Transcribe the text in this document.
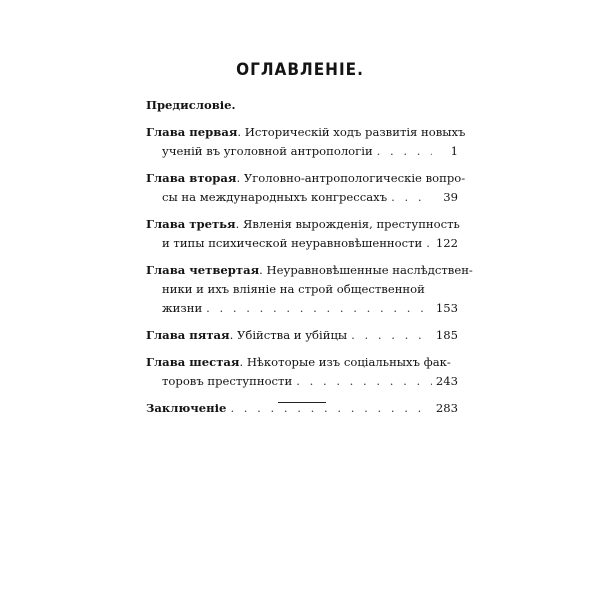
ОГЛАВЛЕНІЕ.
Предисловіе.
Глава первая . Историческій ходъ развитія новыхъ
ученій въ уголовной антропологіи . . .	1
Глава вторая . Уголовно-антропологическіе вопро-
сы на международныхъ конгрессахъ . . .	39
Глава третья . Явленія вырожденія, преступность
и типы психической неуравновѣшенности . . . 122
Глава четвертая . Неуравновѣшенные наслѣдствен-
ники и ихъ вліяніе на строй общественной
жизни . . .	153
Глава пятая . Убійства и убійцы . . .	185
Глава шестая . Нѣкоторые изъ соціальныхъ фак-
торовъ преступности . . .	243
Заключеніе . . .	283
